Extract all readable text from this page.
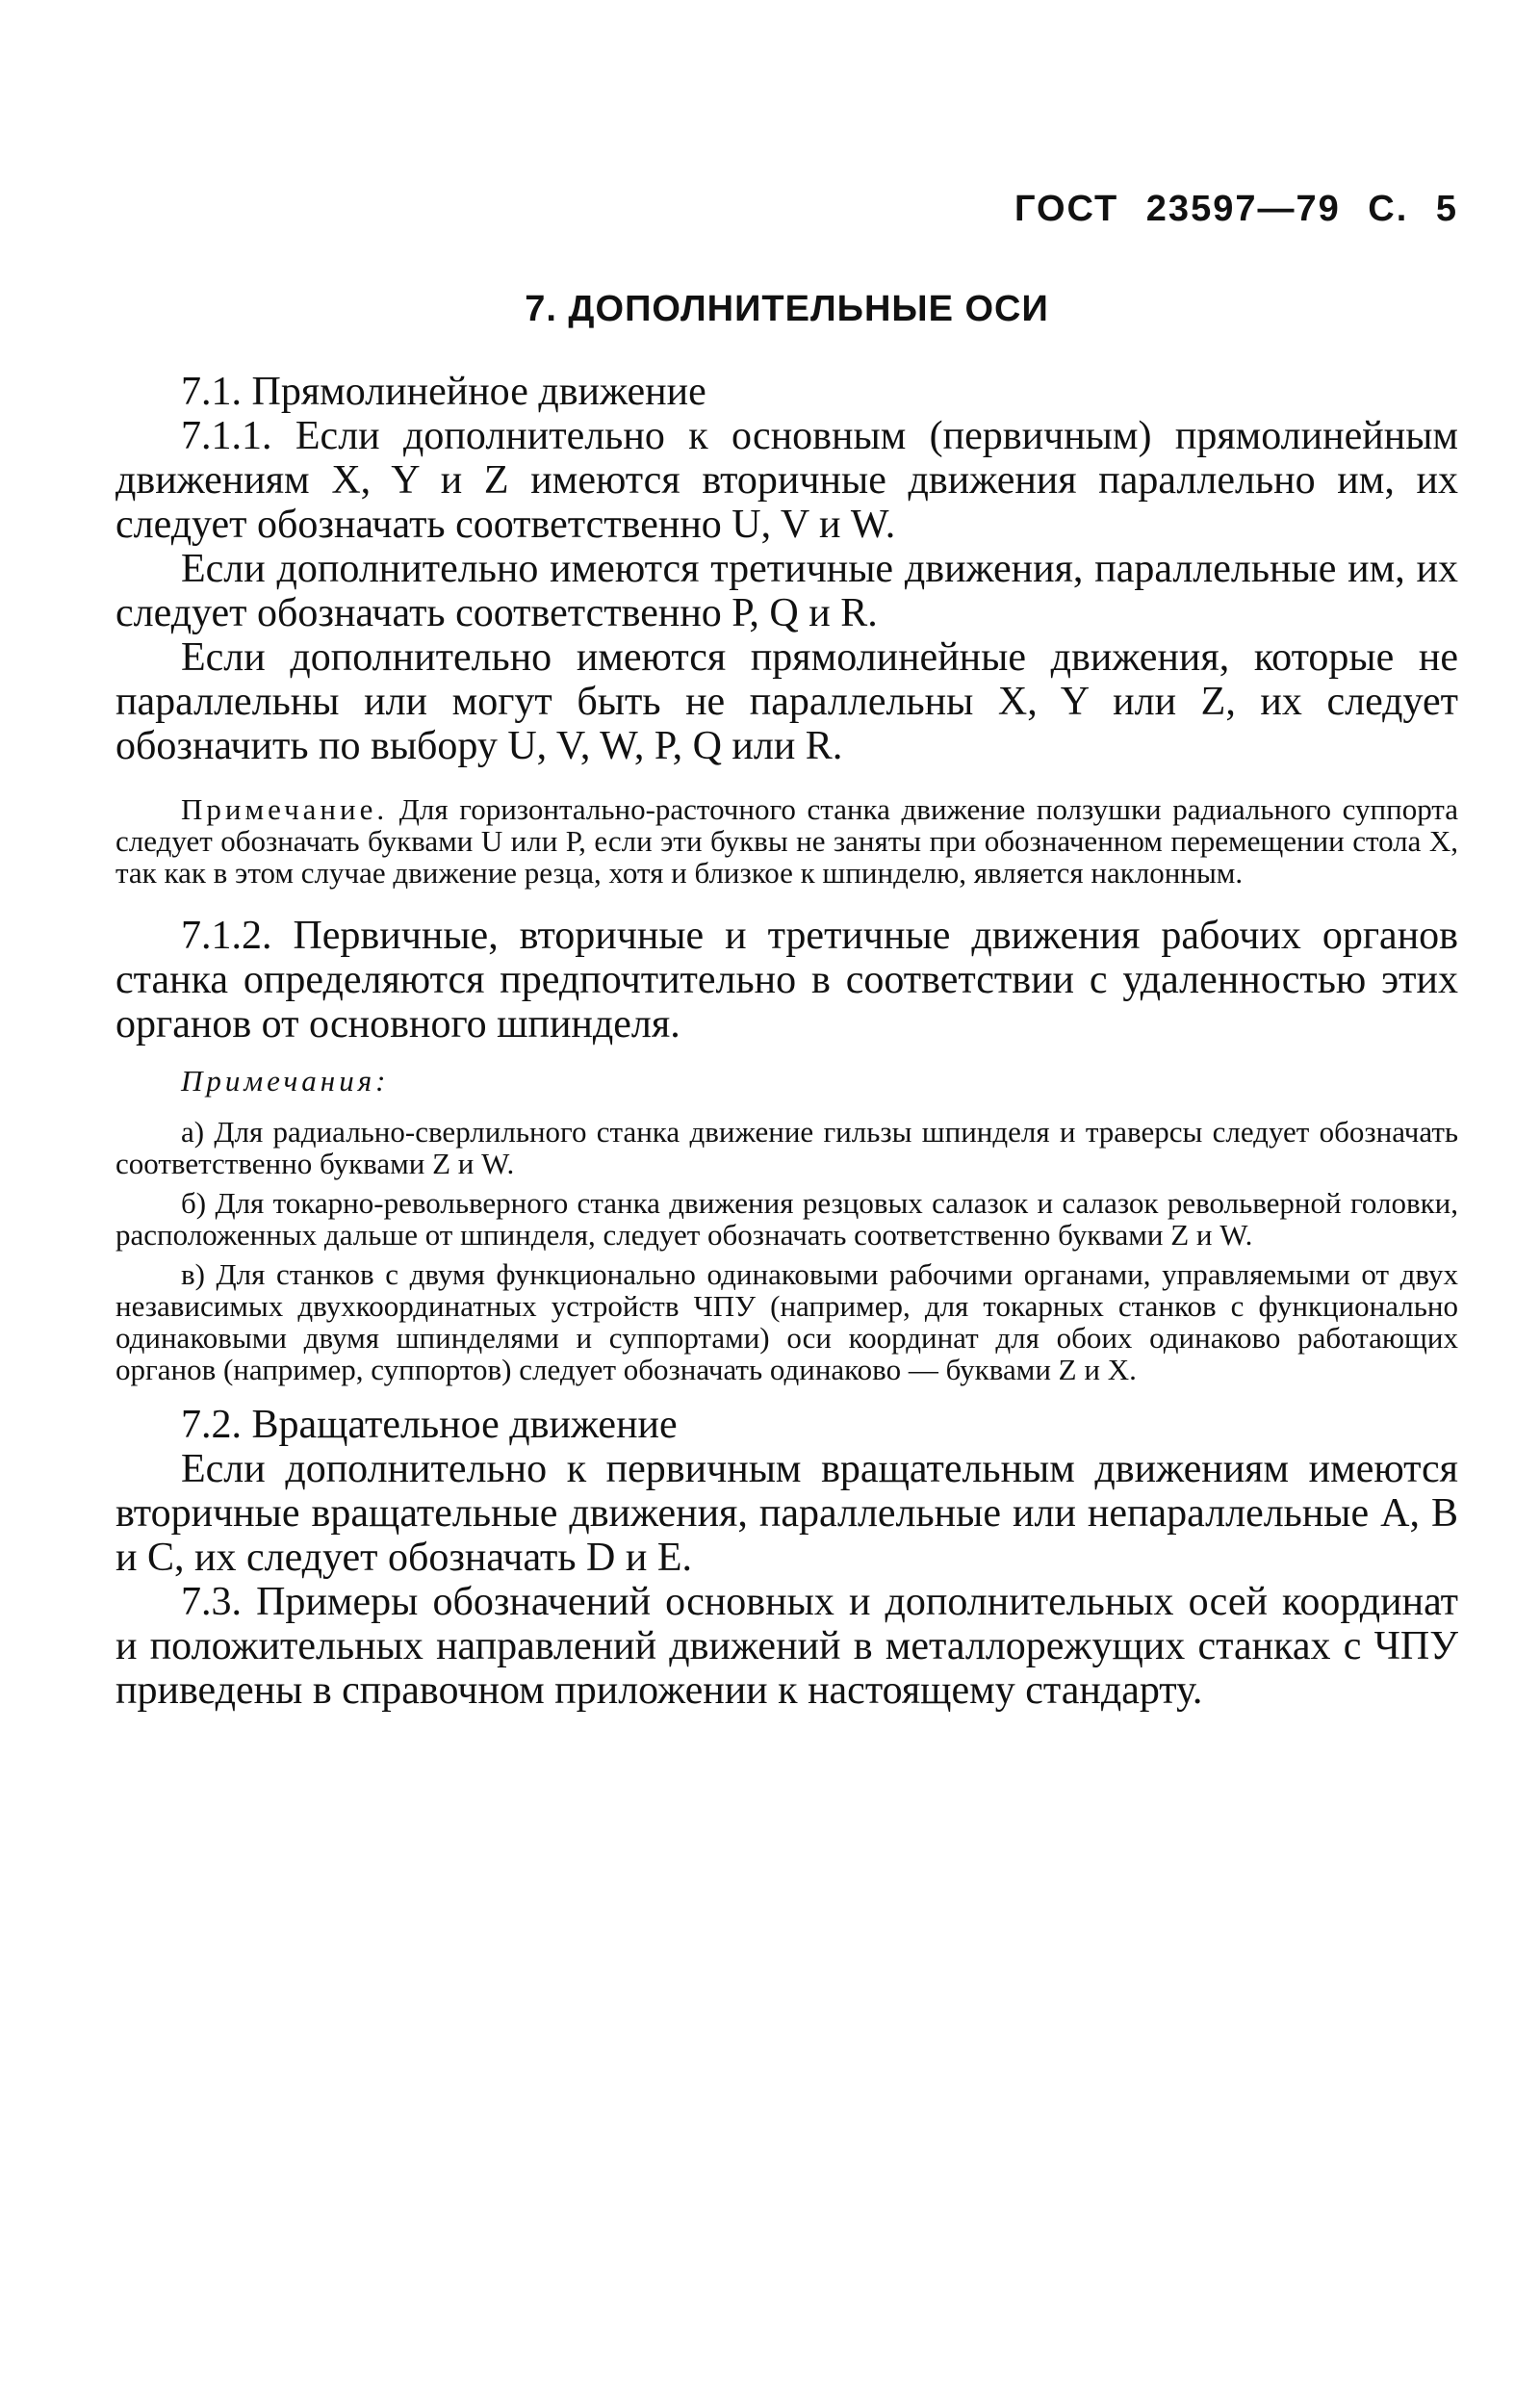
ГОСТ 23597—79 С. 5
7. ДОПОЛНИТЕЛЬНЫЕ ОСИ

7.1. Прямолинейное движение

7.1.1. Если дополнительно к основным (первичным) прямолинейным движениям X, Y и Z имеются вторичные движения параллельно им, их следует обозначать соответственно U, V и W.

Если дополнительно имеются третичные движения, параллельные им, их следует обозначать соответственно Р, Q и R.

Если дополнительно имеются прямолинейные движения, которые не параллельны или могут быть не параллельны X, Y или Z, их следует обозначить по выбору U, V, W, P, Q или R.

Примечание. Для горизонтально-расточного станка движение ползушки радиального суппорта следует обозначать буквами U или Р, если эти буквы не заняты при обозначенном перемещении стола X, так как в этом случае движение резца, хотя и близкое к шпинделю, является наклонным.

7.1.2. Первичные, вторичные и третичные движения рабочих органов станка определяются предпочтительно в соответствии с удаленностью этих органов от основного шпинделя.

Примечания:

а) Для радиально-сверлильного станка движение гильзы шпинделя и траверсы следует обозначать соответственно буквами Z и W.

б) Для токарно-револьверного станка движения резцовых салазок и салазок револьверной головки, расположенных дальше от шпинделя, следует обозначать соответственно буквами Z и W.

в) Для станков с двумя функционально одинаковыми рабочими органами, управляемыми от двух независимых двухкоординатных устройств ЧПУ (например, для токарных станков с функционально одинаковыми двумя шпинделями и суппортами) оси координат для обоих одинаково работающих органов (например, суппортов) следует обозначать одинаково — буквами Z и X.

7.2. Вращательное движение

Если дополнительно к первичным вращательным движениям имеются вторичные вращательные движения, параллельные или непараллельные А, В и С, их следует обозначать D и Е.

7.3. Примеры обозначений основных и дополнительных осей координат и положительных направлений движений в металлорежущих станках с ЧПУ приведены в справочном приложении к настоящему стандарту.
